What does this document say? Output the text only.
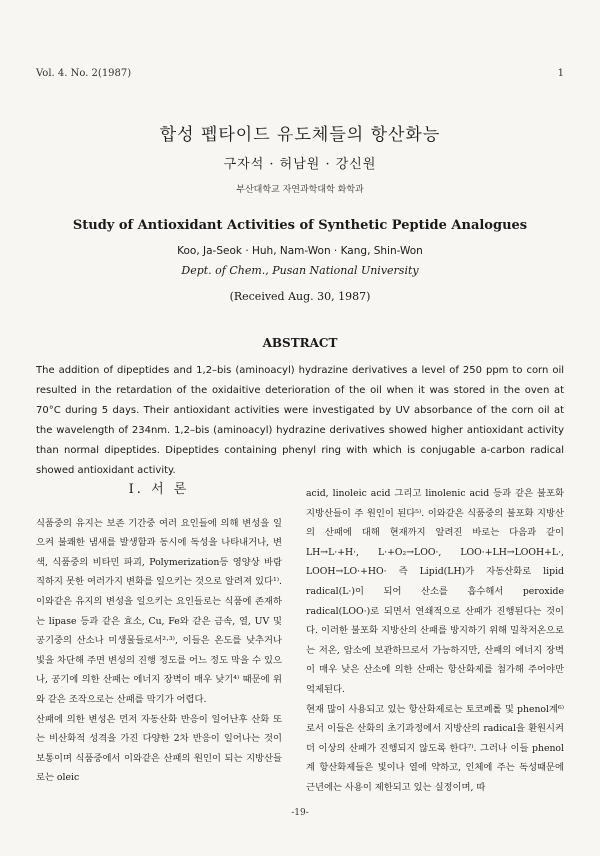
Vol. 4. No. 2(1987)	1
합성 펩타이드 유도체들의 항산화능
구자석 · 허남원 · 강신원
부산대학교 자연과학대학 화학과
Study of Antioxidant Activities of Synthetic Peptide Analogues
Koo, Ja-Seok · Huh, Nam-Won · Kang, Shin-Won
Dept. of Chem., Pusan National University
(Received Aug. 30, 1987)
ABSTRACT

The addition of dipeptides and 1,2–bis (aminoacyl) hydrazine derivatives a level of 250 ppm to corn oil resulted in the retardation of the oxidaitive deterioration of the oil when it was stored in the oven at 70°C during 5 days. Their antioxidant activities were investigated by UV absorbance of the corn oil at the wavelength of 234nm. 1,2–bis (aminoacyl) hydrazine derivatives showed higher antioxidant activity than normal dipeptides. Dipeptides containing phenyl ring with which is conjugable a-carbon radical showed antioxidant activity.

I. 서 론

식품중의 유지는 보존 기간중 여러 요인들에 의해 변성을 일으켜 불쾌한 냄새를 발생함과 동시에 독성을 나타내거나, 변색, 식품중의 비타민 파괴, Polymerization등 영양상 바람직하지 못한 여러가지 변화를 일으키는 것으로 알려져 있다¹⁾. 이와같은 유지의 변성을 일으키는 요인들로는 식품에 존재하는 lipase 등과 같은 효소, Cu, Fe와 같은 금속, 열, UV 및 공기중의 산소나 미생물들로서²·³⁾, 이들은 온도를 낮추거나 빛을 차단해 주면 변성의 진행 정도를 어느 정도 막을 수 있으나, 공기에 의한 산패는 에너지 장벽이 매우 낮기⁴⁾ 때문에 위와 같은 조작으로는 산패를 막기가 어렵다.

산패에 의한 변성은 먼저 자동산화 반응이 일어난후 산화 또는 비산화적 성격을 가진 다양한 2차 반응이 일어나는 것이 보통이며 식품중에서 이와같은 산패의 원인이 되는 지방산들로는 oleic

acid, linoleic acid 그리고 linolenic acid 등과 같은 불포화 지방산들이 주 원인이 된다⁵⁾. 이와같은 식품중의 불포화 지방산의 산패에 대해 현재까지 알려진 바로는 다음과 같이 LH→L·+H·, L·+O₂→LOO·, LOO·+LH→LOOH+L·, LOOH→LO·+HO· 즉 Lipid(LH)가 자동산화로 lipid radical(L·)이 되어 산소를 흡수해서 peroxide radical(LOO·)로 되면서 연쇄적으로 산패가 진행된다는 것이다. 이러한 불포화 지방산의 산패를 방지하기 위해 밀착저온으로는 저온, 암소에 보관하므로서 가능하지만, 산패의 에너지 장벽이 매우 낮은 산소에 의한 산패는 항산화제를 첨가해 주어야만 억제된다.

현재 많이 사용되고 있는 항산화제로는 토코페롤 및 phenol계⁶⁾로서 이들은 산화의 초기과정에서 지방산의 radical을 환원시켜 더 이상의 산패가 진행되지 않도록 한다⁷⁾. 그러나 이들 phenol계 항산화제들은 빛이나 열에 약하고, 인체에 주는 독성때문에 근년에는 사용이 제한되고 있는 실정이며, 따

-19-
